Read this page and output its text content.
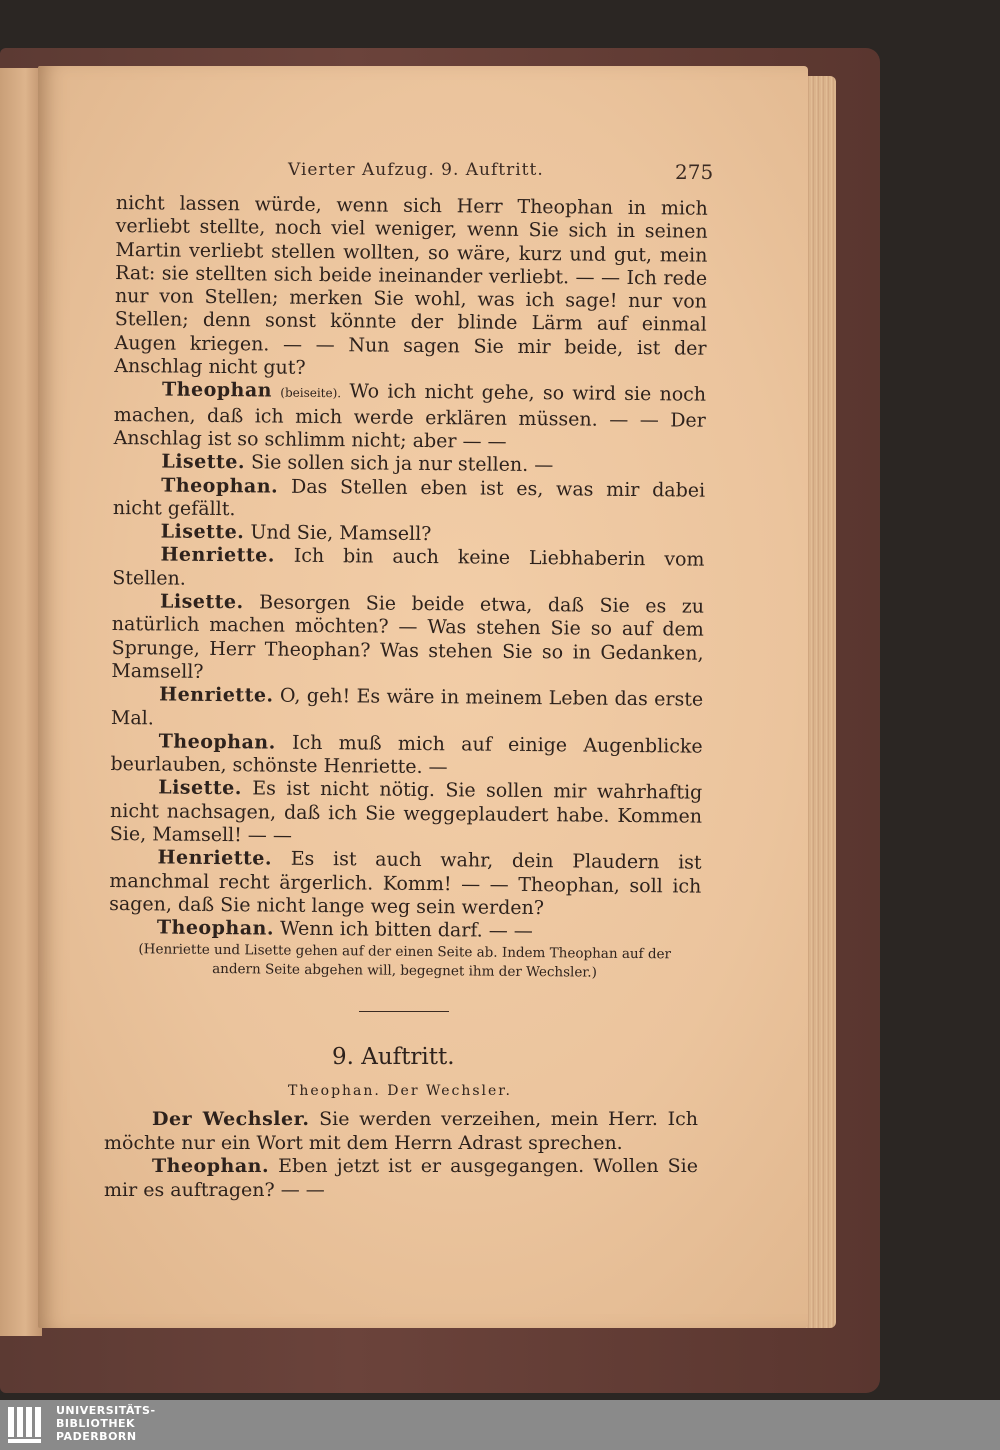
Vierter Aufzug. 9. Auftritt.	275

nicht lassen würde, wenn sich Herr Theophan in mich verliebt stellte, noch viel weniger, wenn Sie sich in seinen Martin verliebt stellen wollten, so wäre, kurz und gut, mein Rat: sie stellten sich beide ineinander verliebt. — — Ich rede nur von Stellen; merken Sie wohl, was ich sage! nur von Stellen; denn sonst könnte der blinde Lärm auf einmal Augen kriegen. — — Nun sagen Sie mir beide, ist der Anschlag nicht gut?

Theophan (beiseite). Wo ich nicht gehe, so wird sie noch machen, daß ich mich werde erklären müssen. — — Der Anschlag ist so schlimm nicht; aber — —

Lisette. Sie sollen sich ja nur stellen. —

Theophan. Das Stellen eben ist es, was mir dabei nicht gefällt.

Lisette. Und Sie, Mamsell?

Henriette. Ich bin auch keine Liebhaberin vom Stellen.

Lisette. Besorgen Sie beide etwa, daß Sie es zu natürlich machen möchten? — Was stehen Sie so auf dem Sprunge, Herr Theophan? Was stehen Sie so in Gedanken, Mamsell?

Henriette. O, geh! Es wäre in meinem Leben das erste Mal.

Theophan. Ich muß mich auf einige Augenblicke beurlauben, schönste Henriette. —

Lisette. Es ist nicht nötig. Sie sollen mir wahrhaftig nicht nachsagen, daß ich Sie weggeplaudert habe. Kommen Sie, Mamsell! — —

Henriette. Es ist auch wahr, dein Plaudern ist manchmal recht ärgerlich. Komm! — — Theophan, soll ich sagen, daß Sie nicht lange weg sein werden?

Theophan. Wenn ich bitten darf. — —

(Henriette und Lisette gehen auf der einen Seite ab. Indem Theophan auf der andern Seite abgehen will, begegnet ihm der Wechsler.)

9. Auftritt.
Theophan. Der Wechsler.

Der Wechsler. Sie werden verzeihen, mein Herr. Ich möchte nur ein Wort mit dem Herrn Adrast sprechen.

Theophan. Eben jetzt ist er ausgegangen. Wollen Sie mir es auftragen? — —

UNIVERSITÄTS-
BIBLIOTHEK
PADERBORN
